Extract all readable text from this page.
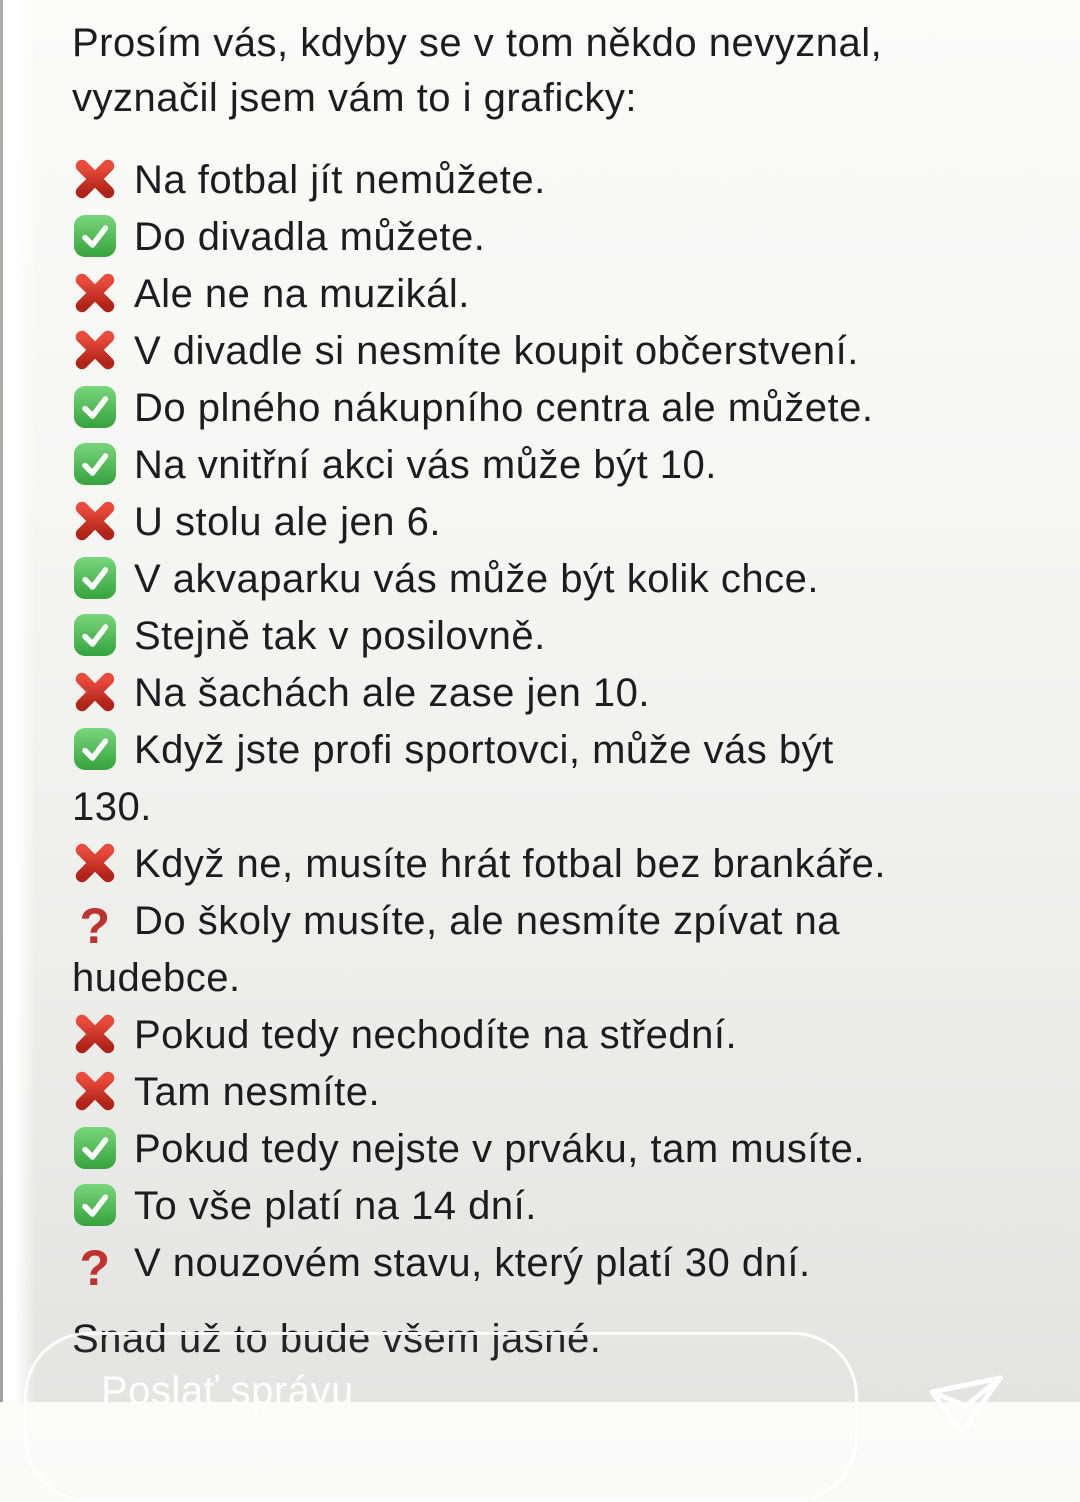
Prosím vás, kdyby se v tom někdo nevyznal,
vyznačil jsem vám to i graficky:

Na fotbal jít nemůžete.

Do divadla můžete.

Ale ne na muzikál.

V divadle si nesmíte koupit občerstvení.

Do plného nákupního centra ale můžete.

Na vnitřní akci vás může být 10.

U stolu ale jen 6.

V akvaparku vás může být kolik chce.

Stejně tak v posilovně.

Na šachách ale zase jen 10.

Když jste profi sportovci, může vás být
130.

Když ne, musíte hrát fotbal bez brankáře.

? Do školy musíte, ale nesmíte zpívat na
hudebce.

Pokud tedy nechodíte na střední.

Tam nesmíte.

Pokud tedy nejste v prváku, tam musíte.

To vše platí na 14 dní.

? V nouzovém stavu, který platí 30 dní.

Snad už to bude všem jasné.

Poslať správu
